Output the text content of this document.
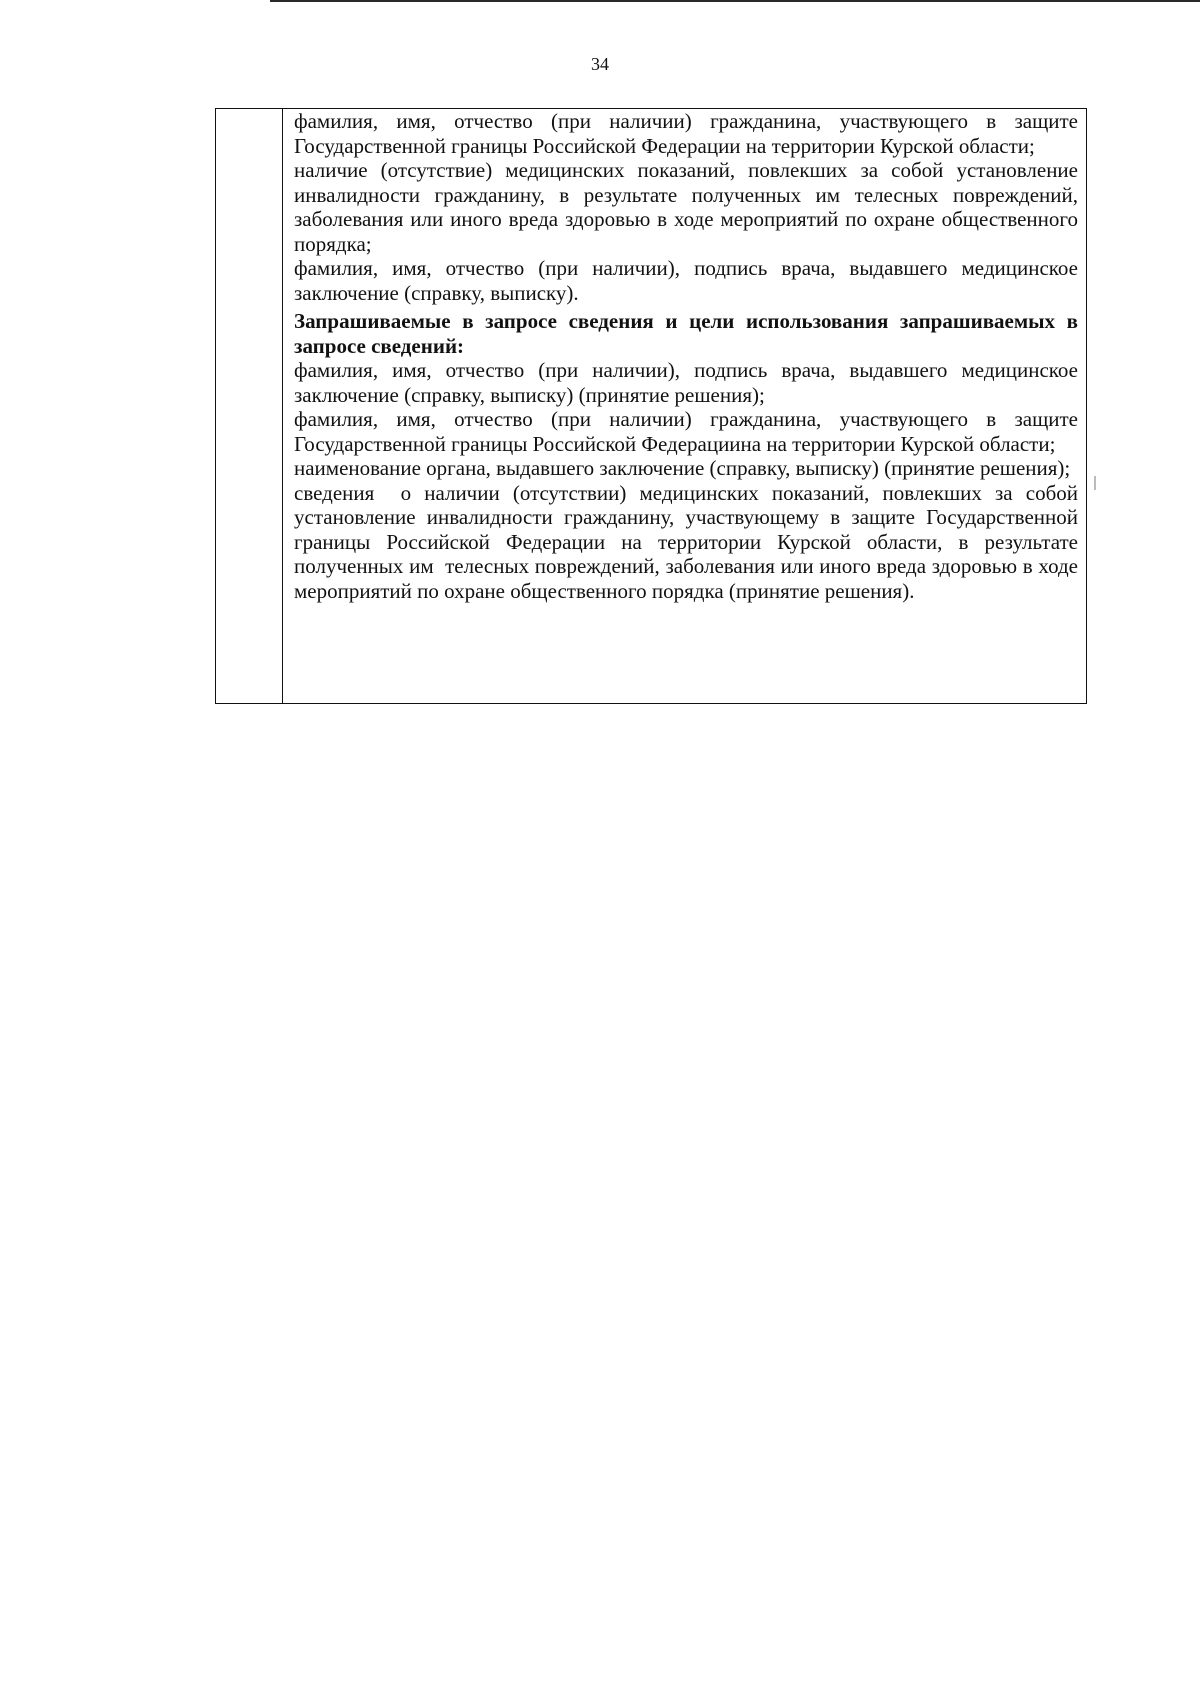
34

фамилия, имя, отчество (при наличии) гражданина, участвующего в защите Государственной границы Российской Федерации на территории Курской области;

наличие (отсутствие) медицинских показаний, повлекших за собой установление инвалидности гражданину, в результате полученных им телесных повреждений, заболевания или иного вреда здоровью в ходе мероприятий по охране общественного порядка;

фамилия, имя, отчество (при наличии), подпись врача, выдавшего медицинское заключение (справку, выписку).

Запрашиваемые в запросе сведения и цели использования запрашиваемых в запросе сведений:

фамилия, имя, отчество (при наличии), подпись врача, выдавшего медицинское заключение (справку, выписку) (принятие решения);

фамилия, имя, отчество (при наличии) гражданина, участвующего в защите Государственной границы Российской Федерациина на территории Курской области;

наименование органа, выдавшего заключение (справку, выписку) (принятие решения);

сведения  о наличии (отсутствии) медицинских показаний, повлекших за собой установление инвалидности гражданину, участвующему в защите Государственной границы Российской Федерации на территории Курской области, в результате полученных им  телесных повреждений, заболевания или иного вреда здоровью в ходе мероприятий по охране общественного порядка (принятие решения).
